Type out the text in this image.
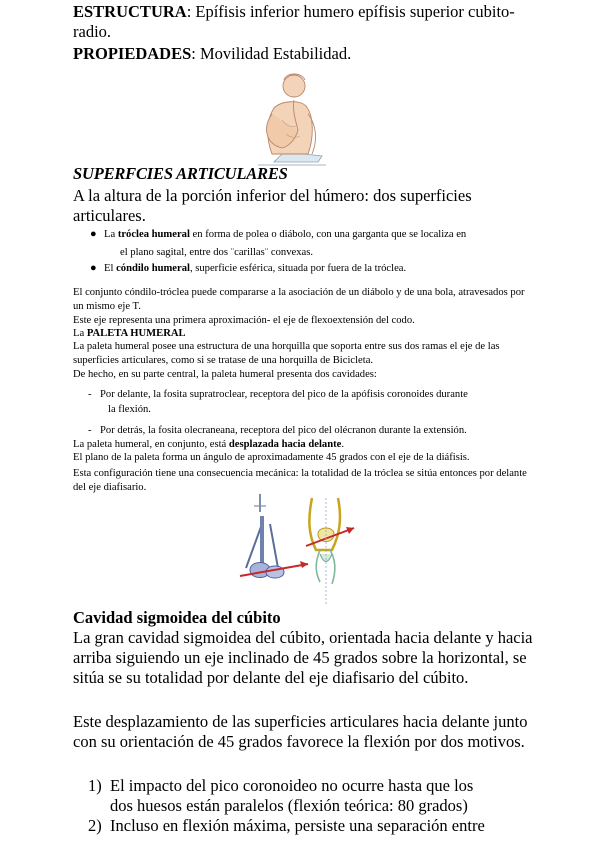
ESTRUCTURA: Epífisis inferior humero epífisis superior cubito-radio.

PROPIEDADES: Movilidad Estabilidad.

SUPERFCIES ARTICULARES

A la altura de la porción inferior del húmero: dos superficies articulares.

● La tróclea humeral en forma de polea o diábolo, con una garganta que se localiza en
el plano sagital, entre dos ¨carillas¨ convexas.
● El cóndilo humeral, superficie esférica, situada por fuera de la tróclea.

El conjunto cóndilo-tróclea puede compararse a la asociación de un diábolo y de una bola, atravesados por un mismo eje T.

Este eje representa una primera aproximación- el eje de flexoextensión del codo.

La PALETA HUMERAL

La paleta humeral posee una estructura de una horquilla que soporta entre sus dos ramas el eje de las superficies articulares, como si se tratase de una horquilla de Bicicleta.

De hecho, en su parte central, la paleta humeral presenta dos cavidades:

- Por delante, la fosita supratroclear, receptora del pico de la apófisis coronoides durante
la flexión.
- Por detrás, la fosita olecraneana, receptora del pico del olécranon durante la extensión.

La paleta humeral, en conjunto, está desplazada hacia delante.

El plano de la paleta forma un ángulo de aproximadamente 45 grados con el eje de la diáfisis.

Esta configuración tiene una consecuencia mecánica: la totalidad de la tróclea se sitúa entonces por delante del eje diafisario.

Cavidad sigmoidea del cúbito

La gran cavidad sigmoidea del cúbito, orientada hacia delante y hacia arriba siguiendo un eje inclinado de 45 grados sobre la horizontal, se sitúa se su totalidad por delante del eje diafisario del cúbito.

Este desplazamiento de las superficies articulares hacia delante junto con su orientación de 45 grados favorece la flexión por dos motivos.

1) El impacto del pico coronoideo no ocurre hasta que los
dos huesos están paralelos (flexión teórica: 80 grados)
2) Incluso en flexión máxima, persiste una separación entre
